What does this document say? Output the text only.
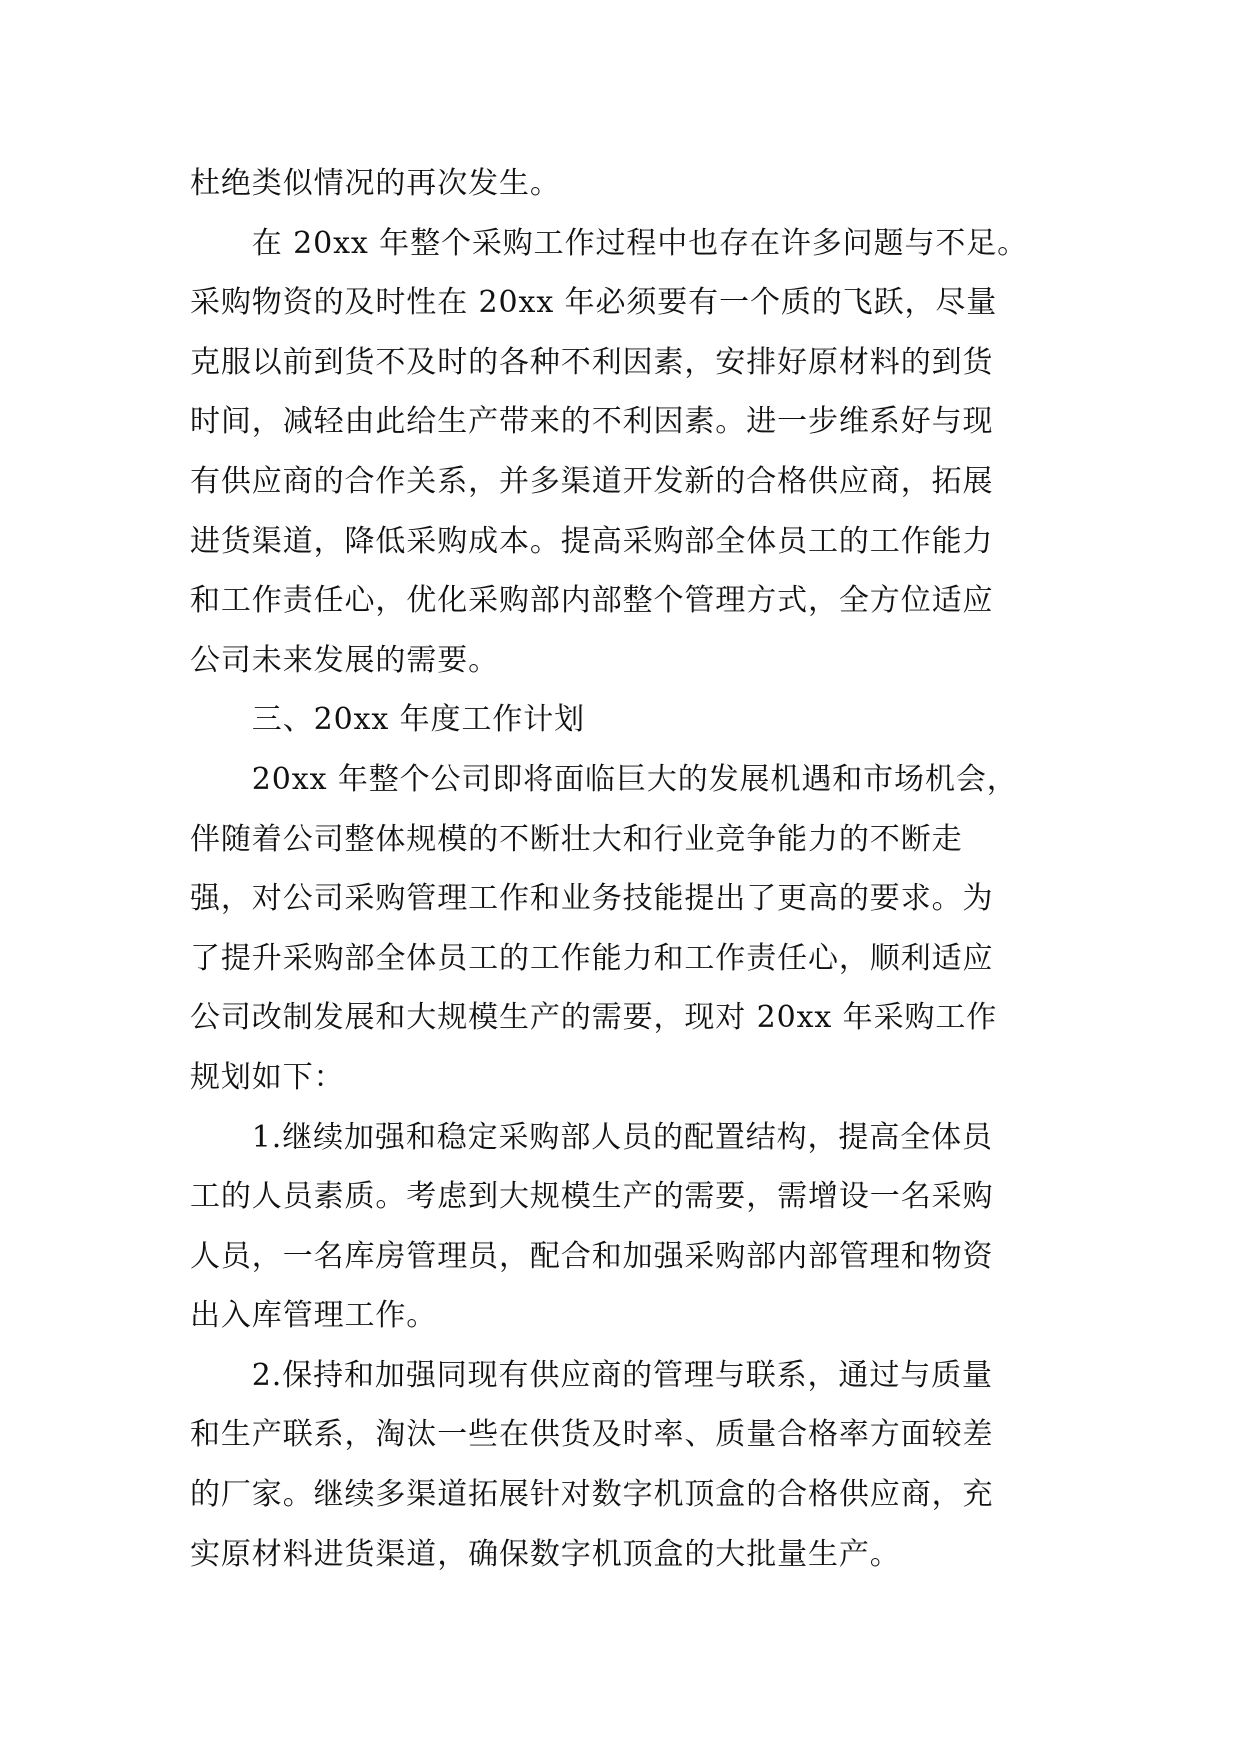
杜绝类似情况的再次发生。
　　在 20xx 年整个采购工作过程中也存在许多问题与不足。
采购物资的及时性在 20xx 年必须要有一个质的飞跃，尽量
克服以前到货不及时的各种不利因素，安排好原材料的到货
时间，减轻由此给生产带来的不利因素。进一步维系好与现
有供应商的合作关系，并多渠道开发新的合格供应商，拓展
进货渠道，降低采购成本。提高采购部全体员工的工作能力
和工作责任心，优化采购部内部整个管理方式，全方位适应
公司未来发展的需要。
　　三、20xx 年度工作计划
　　20xx 年整个公司即将面临巨大的发展机遇和市场机会，
伴随着公司整体规模的不断壮大和行业竞争能力的不断走
强，对公司采购管理工作和业务技能提出了更高的要求。为
了提升采购部全体员工的工作能力和工作责任心，顺利适应
公司改制发展和大规模生产的需要，现对 20xx 年采购工作
规划如下：
　　1.继续加强和稳定采购部人员的配置结构，提高全体员
工的人员素质。考虑到大规模生产的需要，需增设一名采购
人员，一名库房管理员，配合和加强采购部内部管理和物资
出入库管理工作。
　　2.保持和加强同现有供应商的管理与联系，通过与质量
和生产联系，淘汰一些在供货及时率、质量合格率方面较差
的厂家。继续多渠道拓展针对数字机顶盒的合格供应商，充
实原材料进货渠道，确保数字机顶盒的大批量生产。
